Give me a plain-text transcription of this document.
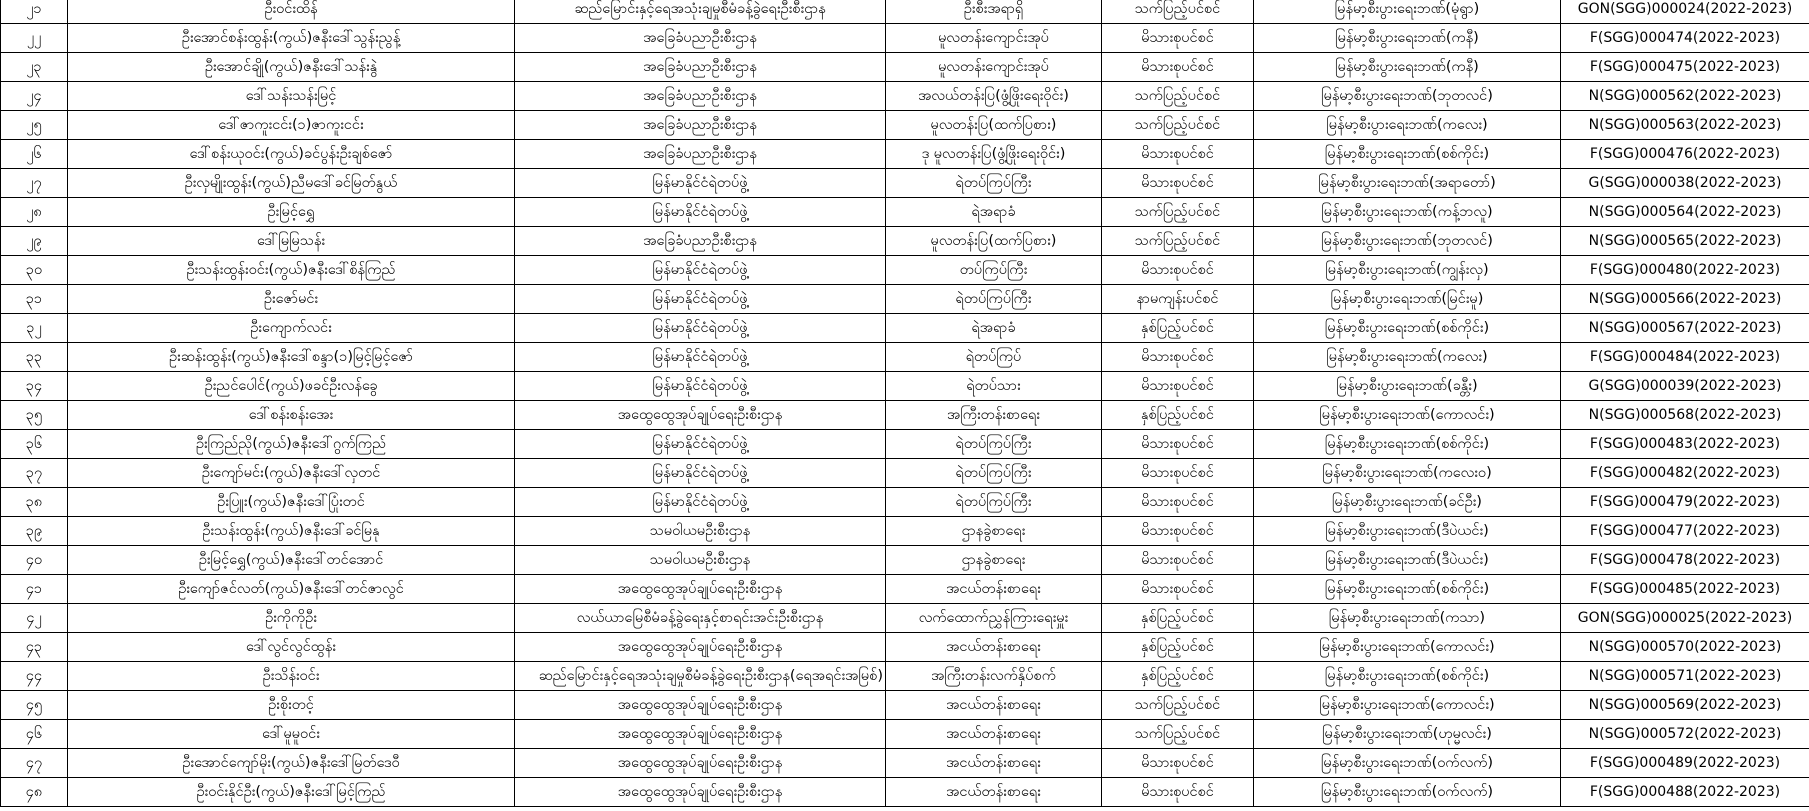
၂၁	ဦးဝင်းထိန်	ဆည်မြောင်းနှင့်ရေအသုံးချမှုစီမံခန့်ခွဲရေးဦးစီးဌာန	ဦးစီးအရာရှိ	သက်ပြည့်ပင်စင်	မြန်မာ့စီးပွားရေးဘဏ်(မုံရွာ)	GON(SGG)000024(2022-2023)
၂၂	ဦးအောင်စန်းထွန်း(ကွယ်)ဇနီးဒေါ်သွန်းညွန့်	အခြေခံပညာဦးစီးဌာန	မူလတန်းကျောင်းအုပ်	မိသားစုပင်စင်	မြန်မာ့စီးပွားရေးဘဏ်(ကနီ)	F(SGG)000474(2022-2023)
၂၃	ဦးအောင်ချို(ကွယ်)ဇနီးဒေါ်သန်းနွဲ	အခြေခံပညာဦးစီးဌာန	မူလတန်းကျောင်းအုပ်	မိသားစုပင်စင်	မြန်မာ့စီးပွားရေးဘဏ်(ကနီ)	F(SGG)000475(2022-2023)
၂၄	ဒေါ်သန်းသန်းမြင့်	အခြေခံပညာဦးစီးဌာန	အလယ်တန်းပြ(ဖွံ့ဖြိုးရေးဝိုင်း)	သက်ပြည့်ပင်စင်	မြန်မာ့စီးပွားရေးဘဏ်(ဘုတလင်)	N(SGG)000562(2022-2023)
၂၅	ဒေါ်ဇာကူးငင်း(၁)ဇာကူးငင်း	အခြေခံပညာဦးစီးဌာန	မူလတန်းပြ(ထက်ပြစား)	သက်ပြည့်ပင်စင်	မြန်မာ့စီးပွားရေးဘဏ်(ကလေး)	N(SGG)000563(2022-2023)
၂၆	ဒေါ်စန်းယုဝင်း(ကွယ်)ခင်ပွန်းဦးချစ်ဇော်	အခြေခံပညာဦးစီးဌာန	ဒု မူလတန်းပြ(ဖွံ့ဖြိုးရေးဝိုင်း)	မိသားစုပင်စင်	မြန်မာ့စီးပွားရေးဘဏ်(စစ်ကိုင်း)	F(SGG)000476(2022-2023)
၂၇	ဦးလှမျိုးထွန်း(ကွယ်)ညီမဒေါ်ခင်မြတ်နွယ်	မြန်မာနိုင်ငံရဲတပ်ဖွဲ့	ရဲတပ်ကြပ်ကြီး	မိသားစုပင်စင်	မြန်မာ့စီးပွားရေးဘဏ်(အရာတော်)	G(SGG)000038(2022-2023)
၂၈	ဦးမြင့်ရွှေ	မြန်မာနိုင်ငံရဲတပ်ဖွဲ့	ရဲအရာခံ	သက်ပြည့်ပင်စင်	မြန်မာ့စီးပွားရေးဘဏ်(ကန့်ဘလူ)	N(SGG)000564(2022-2023)
၂၉	ဒေါ်မြမြသန်း	အခြေခံပညာဦးစီးဌာန	မူလတန်းပြ(ထက်ပြစား)	သက်ပြည့်ပင်စင်	မြန်မာ့စီးပွားရေးဘဏ်(ဘုတလင်)	N(SGG)000565(2022-2023)
၃၀	ဦးသန်းထွန်းဝင်း(ကွယ်)ဇနီးဒေါ်စိန်ကြည်	မြန်မာနိုင်ငံရဲတပ်ဖွဲ့	တပ်ကြပ်ကြီး	မိသားစုပင်စင်	မြန်မာ့စီးပွားရေးဘဏ်(ကျွန်းလှ)	F(SGG)000480(2022-2023)
၃၁	ဦးဇော်မင်း	မြန်မာနိုင်ငံရဲတပ်ဖွဲ့	ရဲတပ်ကြပ်ကြီး	နာမကျန်းပင်စင်	မြန်မာ့စီးပွားရေးဘဏ်(မြင်းမူ)	N(SGG)000566(2022-2023)
၃၂	ဦးကျောက်လင်း	မြန်မာနိုင်ငံရဲတပ်ဖွဲ့	ရဲအရာခံ	နှစ်ပြည့်ပင်စင်	မြန်မာ့စီးပွားရေးဘဏ်(စစ်ကိုင်း)	N(SGG)000567(2022-2023)
၃၃	ဦးဆန်းထွန်း(ကွယ်)ဇနီးဒေါ်စန္ဒာ(၁)မြင့်မြင့်ဇော်	မြန်မာနိုင်ငံရဲတပ်ဖွဲ့	ရဲတပ်ကြပ်	မိသားစုပင်စင်	မြန်မာ့စီးပွားရေးဘဏ်(ကလေး)	F(SGG)000484(2022-2023)
၃၄	ဦးညင်ပေါင်(ကွယ်)ဖခင်ဦးလန်ခွေ	မြန်မာနိုင်ငံရဲတပ်ဖွဲ့	ရဲတပ်သား	မိသားစုပင်စင်	မြန်မာ့စီးပွားရေးဘဏ်(ခန္တီး)	G(SGG)000039(2022-2023)
၃၅	ဒေါ်စန်းစန်းအေး	အထွေထွေအုပ်ချုပ်ရေးဦးစီးဌာန	အကြီးတန်းစာရေး	နှစ်ပြည့်ပင်စင်	မြန်မာ့စီးပွားရေးဘဏ်(ကောလင်း)	N(SGG)000568(2022-2023)
၃၆	ဦးကြည်ညို(ကွယ်)ဇနီးဒေါ်ဂွက်ကြည်	မြန်မာနိုင်ငံရဲတပ်ဖွဲ့	ရဲတပ်ကြပ်ကြီး	မိသားစုပင်စင်	မြန်မာ့စီးပွားရေးဘဏ်(စစ်ကိုင်း)	F(SGG)000483(2022-2023)
၃၇	ဦးကျော်မင်း(ကွယ်)ဇနီးဒေါ်လှတင်	မြန်မာနိုင်ငံရဲတပ်ဖွဲ့	ရဲတပ်ကြပ်ကြီး	မိသားစုပင်စင်	မြန်မာ့စီးပွားရေးဘဏ်(ကလေးဝ)	F(SGG)000482(2022-2023)
၃၈	ဦးပြူး(ကွယ်)ဇနီးဒေါ်ပြုံးတင်	မြန်မာနိုင်ငံရဲတပ်ဖွဲ့	ရဲတပ်ကြပ်ကြီး	မိသားစုပင်စင်	မြန်မာ့စီးပွားရေးဘဏ်(ခင်ဦး)	F(SGG)000479(2022-2023)
၃၉	ဦးသန်းထွန်း(ကွယ်)ဇနီးဒေါ်ခင်မြနု	သမဝါယမဦးစီးဌာန	ဌာနခွဲစာရေး	မိသားစုပင်စင်	မြန်မာ့စီးပွားရေးဘဏ်(ဒီပဲယင်း)	F(SGG)000477(2022-2023)
၄၀	ဦးမြင့်ရွှေ(ကွယ်)ဇနီးဒေါ်တင်အောင်	သမဝါယမဦးစီးဌာန	ဌာနခွဲစာရေး	မိသားစုပင်စင်	မြန်မာ့စီးပွားရေးဘဏ်(ဒီပဲယင်း)	F(SGG)000478(2022-2023)
၄၁	ဦးကျော်ဇင်လတ်(ကွယ်)ဇနီးဒေါ်တင်ဇာလွင်	အထွေထွေအုပ်ချုပ်ရေးဦးစီးဌာန	အငယ်တန်းစာရေး	မိသားစုပင်စင်	မြန်မာ့စီးပွားရေးဘဏ်(စစ်ကိုင်း)	F(SGG)000485(2022-2023)
၄၂	ဦးကိုကိုဦး	လယ်ယာမြေစီမံခန့်ခွဲရေးနှင့်စာရင်းအင်းဦးစီးဌာန	လက်ထောက်ညွှန်ကြားရေးမှူး	နှစ်ပြည့်ပင်စင်	မြန်မာ့စီးပွားရေးဘဏ်(ကသာ)	GON(SGG)000025(2022-2023)
၄၃	ဒေါ်လွင်လွင်ထွန်း	အထွေထွေအုပ်ချုပ်ရေးဦးစီးဌာန	အငယ်တန်းစာရေး	နှစ်ပြည့်ပင်စင်	မြန်မာ့စီးပွားရေးဘဏ်(ကောလင်း)	N(SGG)000570(2022-2023)
၄၄	ဦးသိန်းဝင်း	ဆည်မြောင်းနှင့်ရေအသုံးချမှုစီမံခန့်ခွဲရေးဦးစီးဌာန(ရေအရင်းအမြစ်)	အကြီးတန်းလက်နှိပ်စက်	နှစ်ပြည့်ပင်စင်	မြန်မာ့စီးပွားရေးဘဏ်(စစ်ကိုင်း)	N(SGG)000571(2022-2023)
၄၅	ဦးစိုးတင့်	အထွေထွေအုပ်ချုပ်ရေးဦးစီးဌာန	အငယ်တန်းစာရေး	သက်ပြည့်ပင်စင်	မြန်မာ့စီးပွားရေးဘဏ်(ကောလင်း)	N(SGG)000569(2022-2023)
၄၆	ဒေါ်မူမူဝင်း	အထွေထွေအုပ်ချုပ်ရေးဦးစီးဌာန	အငယ်တန်းစာရေး	သက်ပြည့်ပင်စင်	မြန်မာ့စီးပွားရေးဘဏ်(ဟုမ္မလင်း)	N(SGG)000572(2022-2023)
၄၇	ဦးအောင်ကျော်မိုး(ကွယ်)ဇနီးဒေါ်မြတ်ဒေဝီ	အထွေထွေအုပ်ချုပ်ရေးဦးစီးဌာန	အငယ်တန်းစာရေး	မိသားစုပင်စင်	မြန်မာ့စီးပွားရေးဘဏ်(ဝက်လက်)	F(SGG)000489(2022-2023)
၄၈	ဦးဝင်းနိုင်ဦး(ကွယ်)ဇနီးဒေါ်မြင့်ကြည်	အထွေထွေအုပ်ချုပ်ရေးဦးစီးဌာန	အငယ်တန်းစာရေး	မိသားစုပင်စင်	မြန်မာ့စီးပွားရေးဘဏ်(ဝက်လက်)	F(SGG)000488(2022-2023)
